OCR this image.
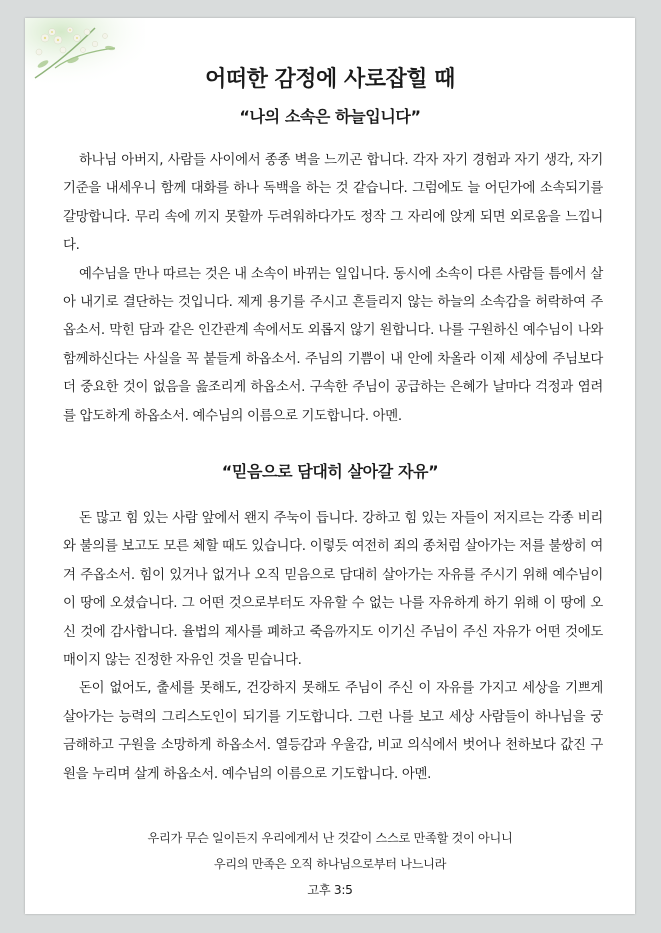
어떠한 감정에 사로잡힐 때
“나의 소속은 하늘입니다”

하나님 아버지, 사람들 사이에서 종종 벽을 느끼곤 합니다. 각자 자기 경험과 자기 생각, 자기 기준을 내세우니 함께 대화를 하나 독백을 하는 것 같습니다. 그럼에도 늘 어딘가에 소속되기를 갈망합니다. 무리 속에 끼지 못할까 두려워하다가도 정작 그 자리에 앉게 되면 외로움을 느낍니다.

예수님을 만나 따르는 것은 내 소속이 바뀌는 일입니다. 동시에 소속이 다른 사람들 틈에서 살아 내기로 결단하는 것입니다. 제게 용기를 주시고 흔들리지 않는 하늘의 소속감을 허락하여 주옵소서. 막힌 담과 같은 인간관계 속에서도 외롭지 않기 원합니다. 나를 구원하신 예수님이 나와 함께하신다는 사실을 꼭 붙들게 하옵소서. 주님의 기쁨이 내 안에 차올라 이제 세상에 주님보다 더 중요한 것이 없음을 읊조리게 하옵소서. 구속한 주님이 공급하는 은혜가 날마다 걱정과 염려를 압도하게 하옵소서. 예수님의 이름으로 기도합니다. 아멘.

“믿음으로 담대히 살아갈 자유”

돈 많고 힘 있는 사람 앞에서 왠지 주눅이 듭니다. 강하고 힘 있는 자들이 저지르는 각종 비리와 불의를 보고도 모른 체할 때도 있습니다. 이렇듯 여전히 죄의 종처럼 살아가는 저를 불쌍히 여겨 주옵소서. 힘이 있거나 없거나 오직 믿음으로 담대히 살아가는 자유를 주시기 위해 예수님이 이 땅에 오셨습니다. 그 어떤 것으로부터도 자유할 수 없는 나를 자유하게 하기 위해 이 땅에 오신 것에 감사합니다. 율법의 제사를 폐하고 죽음까지도 이기신 주님이 주신 자유가 어떤 것에도 매이지 않는 진정한 자유인 것을 믿습니다.

돈이 없어도, 출세를 못해도, 건강하지 못해도 주님이 주신 이 자유를 가지고 세상을 기쁘게 살아가는 능력의 그리스도인이 되기를 기도합니다. 그런 나를 보고 세상 사람들이 하나님을 궁금해하고 구원을 소망하게 하옵소서. 열등감과 우울감, 비교 의식에서 벗어나 천하보다 값진 구원을 누리며 살게 하옵소서. 예수님의 이름으로 기도합니다. 아멘.

우리가 무슨 일이든지 우리에게서 난 것같이 스스로 만족할 것이 아니니
우리의 만족은 오직 하나님으로부터 나느니라
고후 3:5
